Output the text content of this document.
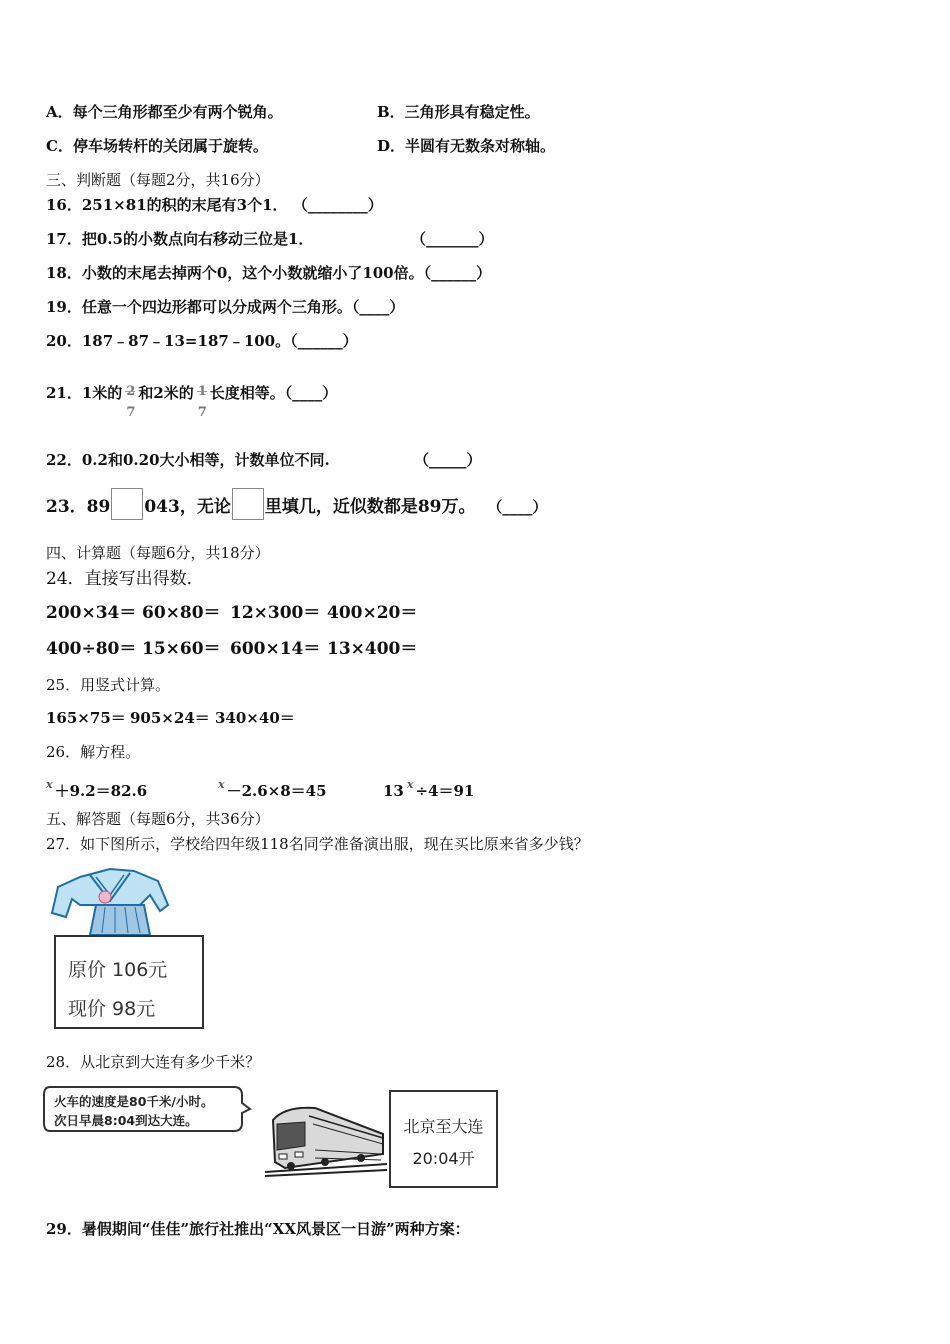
A．每个三角形都至少有两个锐角。	B．三角形具有稳定性。
C．停车场转杆的关闭属于旋转。	D．半圆有无数条对称轴。
三、判断题（每题2分，共16分）
16．251×81的积的末尾有3个1． （________）
17．把0.5的小数点向右移动三位是1．	（_______）
18．小数的末尾去掉两个0，这个小数就缩小了100倍。（______）
19．任意一个四边形都可以分成两个三角形。（____）
20．187﹣87﹣13=187﹣100。（______）
21．1米的 2
7
和2米的 1
7
长度相等。（____）
22．0.2和0.20大小相等，计数单位不同.	（_____）
23．89 043，无论 里填几，近似数都是89万。 （____）
四、计算题（每题6分，共18分）
24．直接写出得数．
200×34＝ 60×80＝ 12×300＝ 400×20＝
400÷80＝ 15×60＝ 600×14＝ 13×400＝
25．用竖式计算。
165×75＝ 905×24＝ 340×40＝
26．解方程。
$^x$ ＋9.2＝82.6	$^x$ －2.6×8＝45	13 $^x$ ÷4＝91
五、解答题（每题6分，共36分）
27．如下图所示，学校给四年级118名同学准备演出服，现在买比原来省多少钱？
原价 106元
现价 98元
28．从北京到大连有多少千米？
火车的速度是80千米/小时。
次日早晨8:04到达大连。	北京至大连
20:04开
29．暑假期间“佳佳”旅行社推出“XX风景区一日游”两种方案：
